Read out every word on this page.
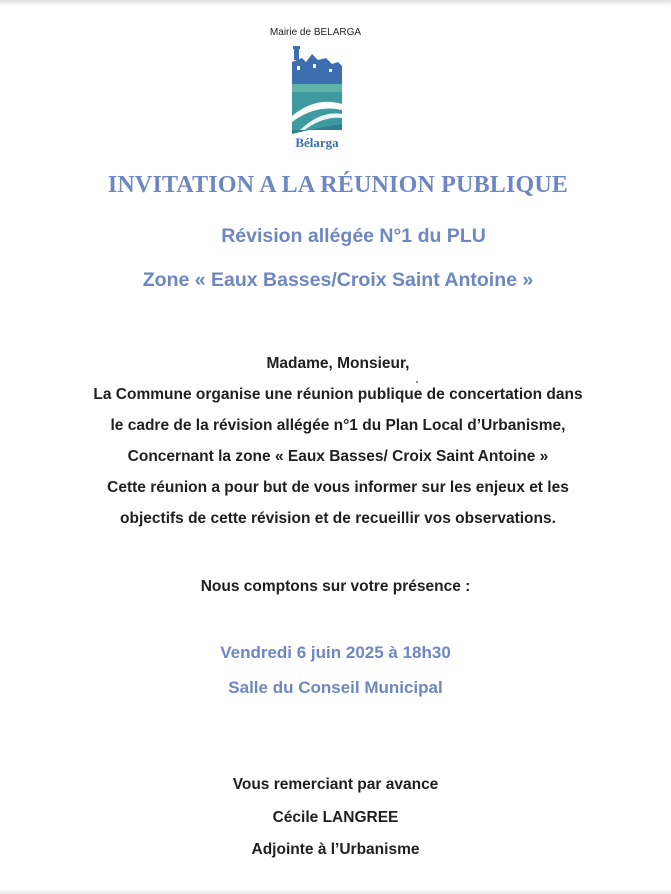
Mairie de BELARGA
Bélarga
INVITATION A LA RÉUNION PUBLIQUE
Révision allégée N°1 du PLU
Zone « Eaux Basses/Croix Saint Antoine »
Madame, Monsieur,
La Commune organise une réunion publique de concertation dans
le cadre de la révision allégée n°1 du Plan Local d’Urbanisme,
Concernant la zone « Eaux Basses/ Croix Saint Antoine »
Cette réunion a pour but de vous informer sur les enjeux et les
objectifs de cette révision et de recueillir vos observations.
Nous comptons sur votre présence :
Vendredi 6 juin 2025 à 18h30
Salle du Conseil Municipal
Vous remerciant par avance
Cécile LANGREE
Adjointe à l’Urbanisme
